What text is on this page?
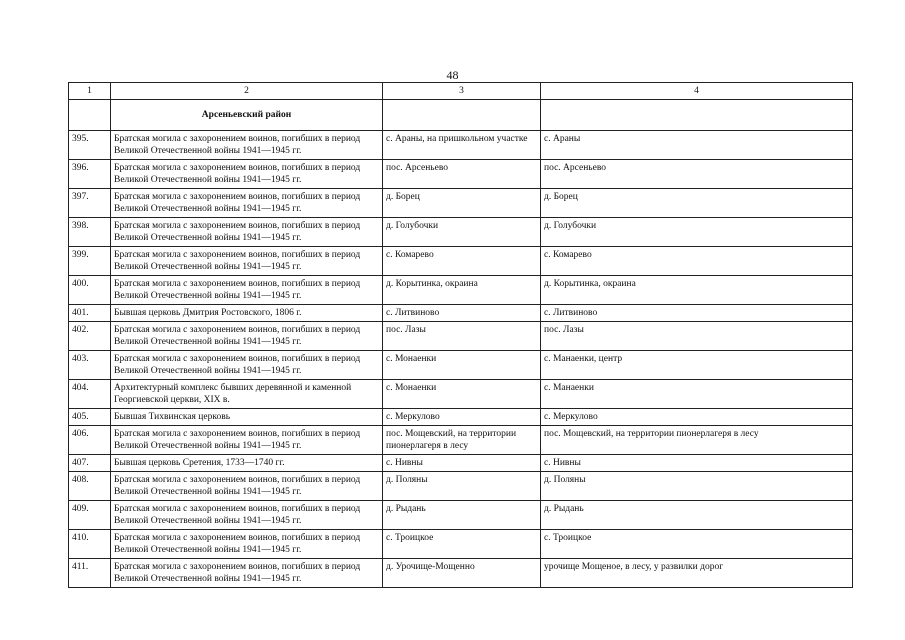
48
1	2	3	4
	Арсеньевский район		
395.	Братская могила с захоронением воинов, погибших в период Великой Отечественной войны 1941—1945 гг.	с. Араны, на пришкольном участке	с. Араны
396.	Братская могила с захоронением воинов, погибших в период Великой Отечественной войны 1941—1945 гг.	пос. Арсеньево	пос. Арсеньево
397.	Братская могила с захоронением воинов, погибших в период Великой Отечественной войны 1941—1945 гг.	д. Борец	д. Борец
398.	Братская могила с захоронением воинов, погибших в период Великой Отечественной войны 1941—1945 гг.	д. Голубочки	д. Голубочки
399.	Братская могила с захоронением воинов, погибших в период Великой Отечественной войны 1941—1945 гг.	с. Комарево	с. Комарево
400.	Братская могила с захоронением воинов, погибших в период Великой Отечественной войны 1941—1945 гг.	д. Корытинка, окраина	д. Корытинка, окраина
401.	Бывшая церковь Дмитрия Ростовского, 1806 г.	с. Литвиново	с. Литвиново
402.	Братская могила с захоронением воинов, погибших в период Великой Отечественной войны 1941—1945 гг.	пос. Лазы	пос. Лазы
403.	Братская могила с захоронением воинов, погибших в период Великой Отечественной войны 1941—1945 гг.	с. Монаенки	с. Манаенки, центр
404.	Архитектурный комплекс бывших деревянной и каменной Георгиевской церкви, XIX в.	с. Монаенки	с. Манаенки
405.	Бывшая Тихвинская церковь	с. Меркулово	с. Меркулово
406.	Братская могила с захоронением воинов, погибших в период Великой Отечественной войны 1941—1945 гг.	пос. Мощевский, на территории пионерлагеря в лесу	пос. Мощевский, на территории пионерлагеря в лесу
407.	Бывшая церковь Сретения, 1733—1740 гг.	с. Нивны	с. Нивны
408.	Братская могила с захоронением воинов, погибших в период Великой Отечественной войны 1941—1945 гг.	д. Поляны	д. Поляны
409.	Братская могила с захоронением воинов, погибших в период Великой Отечественной войны 1941—1945 гг.	д. Рыдань	д. Рыдань
410.	Братская могила с захоронением воинов, погибших в период Великой Отечественной войны 1941—1945 гг.	с. Троицкое	с. Троицкое
411.	Братская могила с захоронением воинов, погибших в период Великой Отечественной войны 1941—1945 гг.	д. Урочище-Мощенно	урочище Мощеное, в лесу, у развилки дорог
